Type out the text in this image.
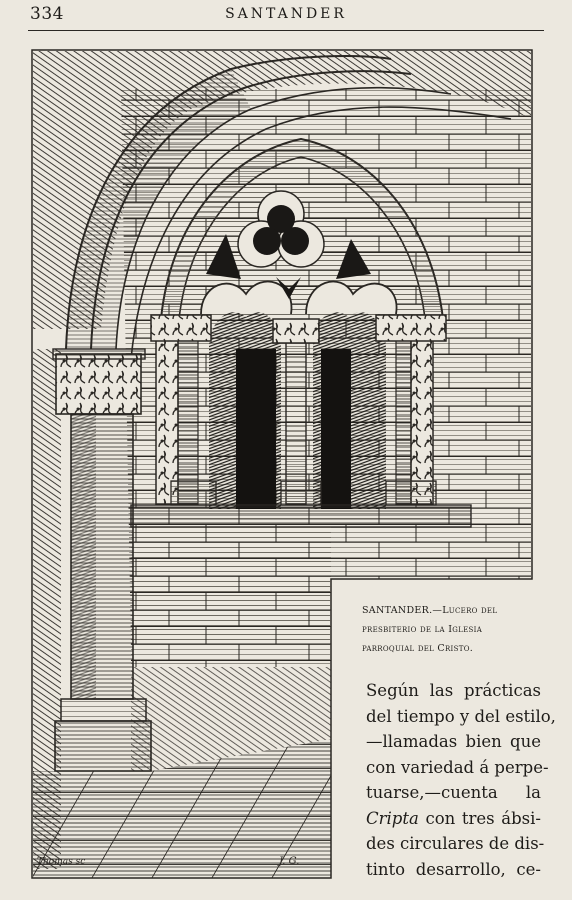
334	SANTANDER
Thomas sc	J. G.
SANTANDER.—Lucero del presbiterio de la Iglesia parroquial del Cristo.
Según las prácticas
del tiempo y del estilo,
—llamadas bien que
con variedad á perpe-
tuarse,—cuenta la
Cripta con tres ábsi-
des circulares de dis-
tinto desarrollo, ce-
